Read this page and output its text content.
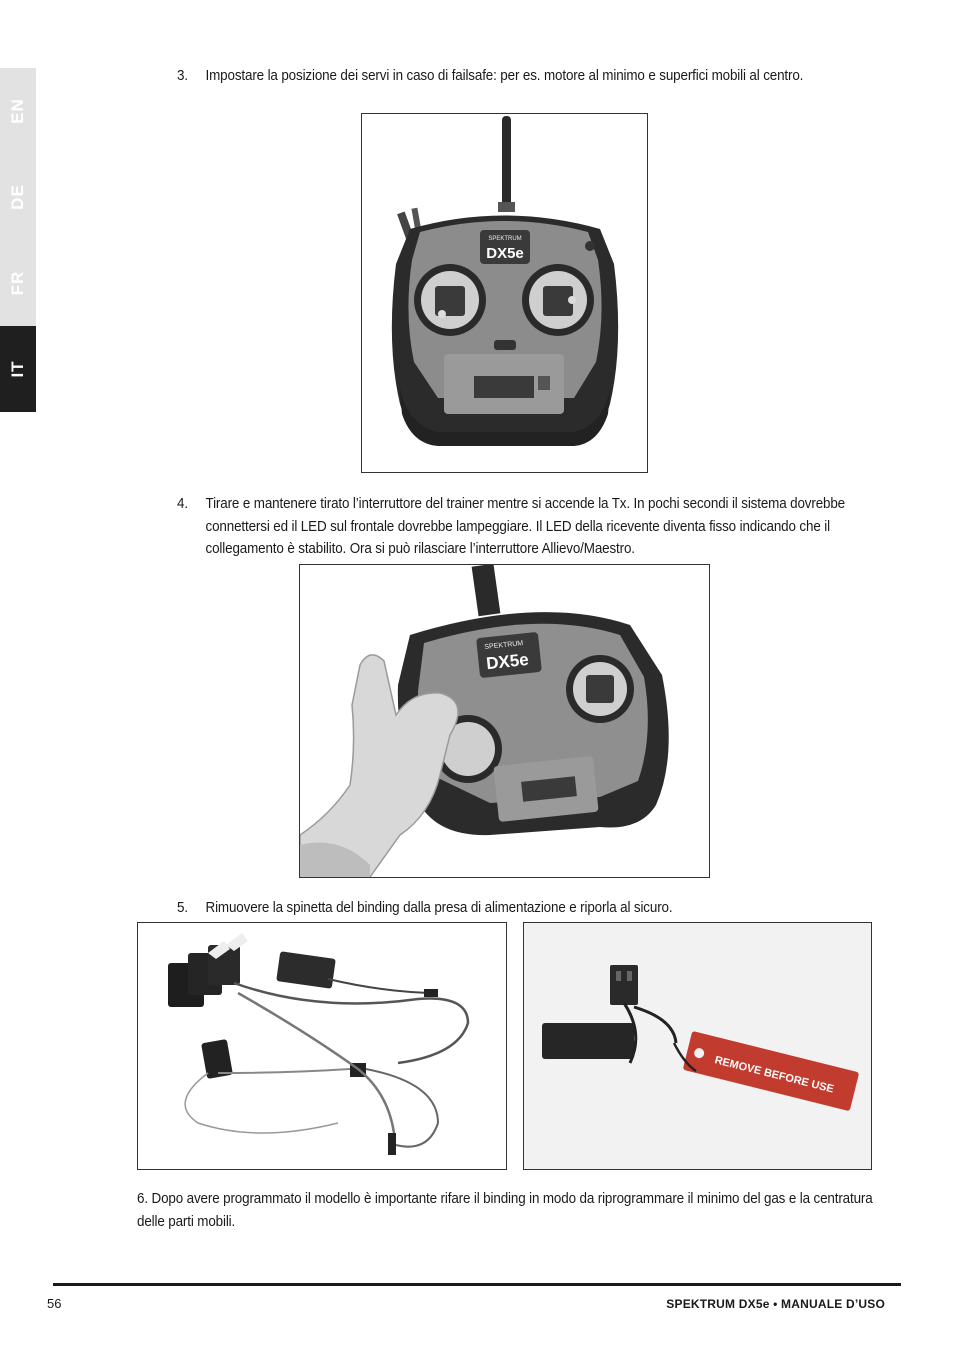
EN
DE
FR
IT
3.	Impostare la posizione dei servi in caso di failsafe: per es. motore al minimo e superfici mobili al centro.
SPEKTRUM
DX5e
4.	Tirare e mantenere tirato l’interruttore del trainer mentre si accende la Tx. In pochi secondi il sistema dovrebbe connettersi ed il LED sul frontale dovrebbe lampeggiare. Il LED della ricevente diventa fisso indicando che il collegamento è stabilito. Ora si può rilasciare l’interruttore Allievo/Maestro.
SPEKTRUM
DX5e
5.	Rimuovere la spinetta del binding dalla presa di alimentazione e riporla al sicuro.
REMOVE BEFORE USE
6. Dopo avere programmato il modello è importante rifare il binding in modo da riprogrammare il minimo del gas e la centratura delle parti mobili.
56	SPEKTRUM DX5e • MANUALE D’USO
